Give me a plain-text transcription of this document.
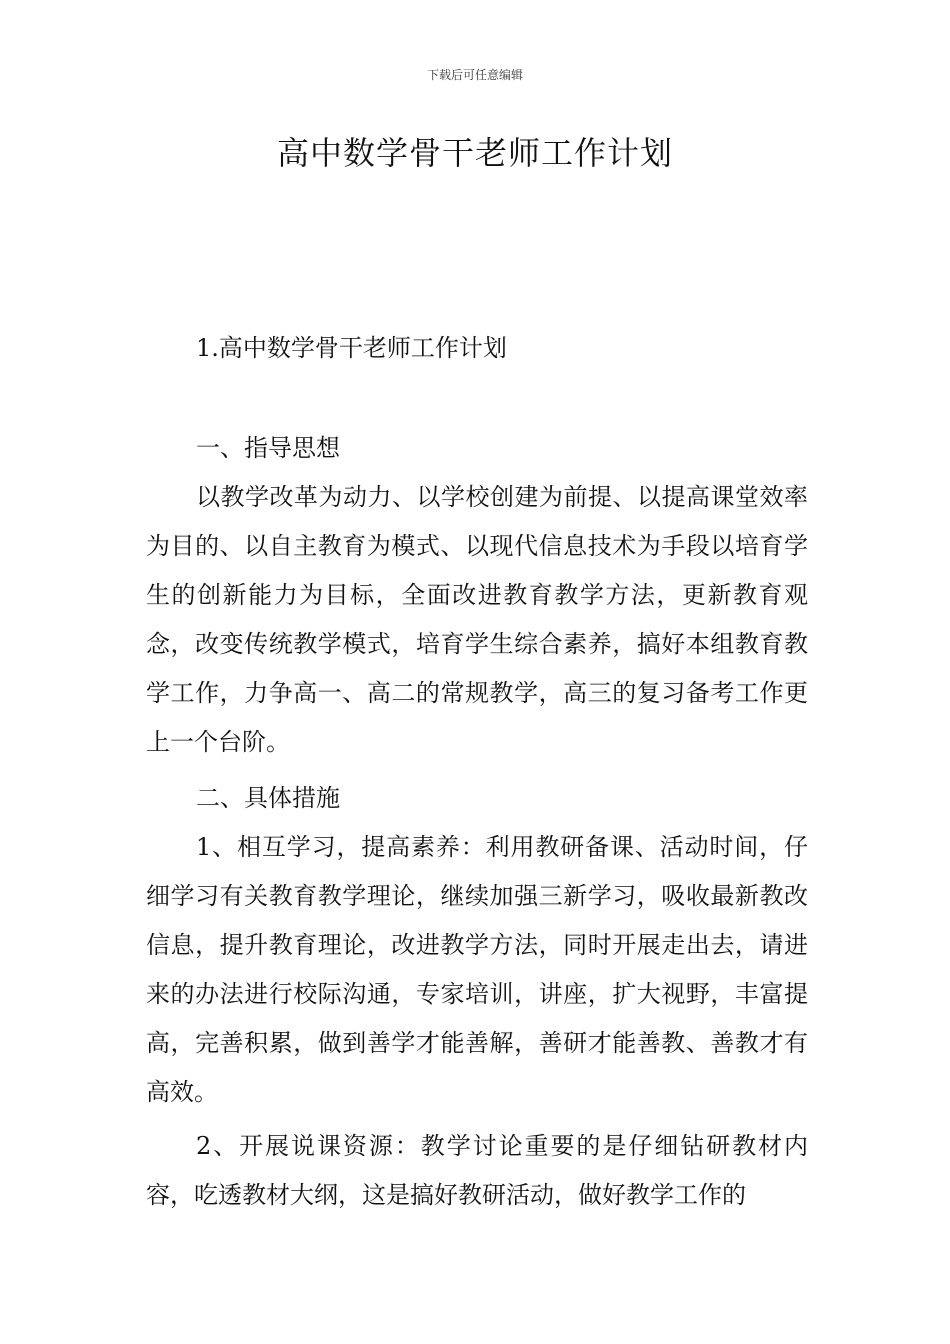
下载后可任意编辑
高中数学骨干老师工作计划
1.高中数学骨干老师工作计划
一、指导思想

以教学改革为动力、以学校创建为前提、以提高课堂效率为目的、以自主教育为模式、以现代信息技术为手段以培育学生的创新能力为目标，全面改进教育教学方法，更新教育观念，改变传统教学模式，培育学生综合素养，搞好本组教育教学工作，力争高一、高二的常规教学，高三的复习备考工作更上一个台阶。

二、具体措施

1、相互学习，提高素养：利用教研备课、活动时间，仔细学习有关教育教学理论，继续加强三新学习，吸收最新教改信息，提升教育理论，改进教学方法，同时开展走出去，请进来的办法进行校际沟通，专家培训，讲座，扩大视野，丰富提高，完善积累，做到善学才能善解，善研才能善教、善教才有高效。

2、开展说课资源：教学讨论重要的是仔细钻研教材内容，吃透教材大纲，这是搞好教研活动，做好教学工作的
